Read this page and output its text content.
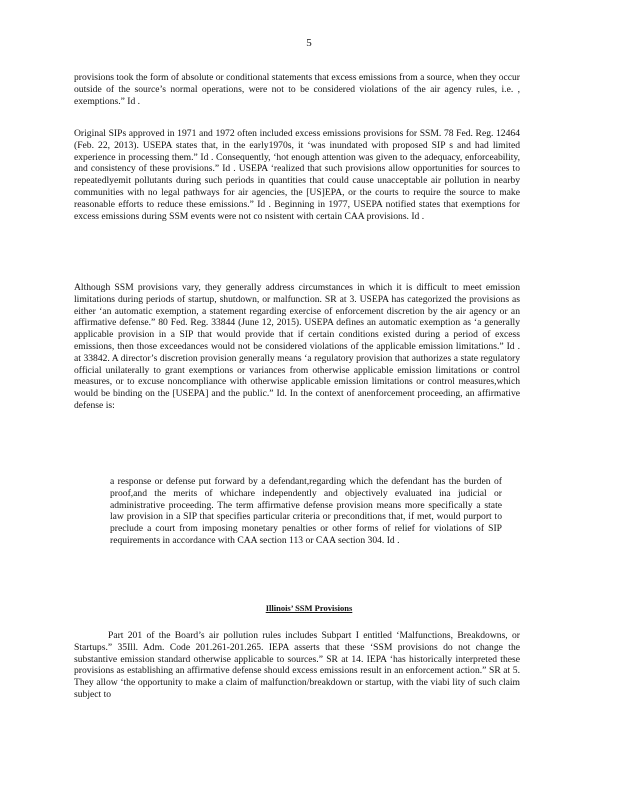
5

provisions took the form of absolute or conditional statements that excess emissions from a source, when they occur outside of the source’s normal operations, were not to be considered violations of the air agency rules, i.e. , exemptions.” Id .

Original SIPs approved in 1971 and 1972 often included excess emissions provisions for SSM. 78 Fed. Reg. 12464 (Feb. 22, 2013). USEPA states that, in the early1970s, it ‘was inundated with proposed SIP s and had limited experience in processing them.” Id . Consequently, ‘hot enough attention was given to the adequacy, enforceability, and consistency of these provisions.” Id . USEPA ‘realized that such provisions allow opportunities for sources to repeatedlyemit pollutants during such periods in quantities that could cause unacceptable air pollution in nearby communities with no legal pathways for air agencies, the [US]EPA, or the courts to require the source to make reasonable efforts to reduce these emissions.” Id . Beginning in 1977, USEPA notified states that exemptions for excess emissions during SSM events were not co nsistent with certain CAA provisions. Id .

Although SSM provisions vary, they generally address circumstances in which it is difficult to meet emission limitations during periods of startup, shutdown, or malfunction. SR at 3. USEPA has categorized the provisions as either ‘an automatic exemption, a statement regarding exercise of enforcement discretion by the air agency or an affirmative defense.” 80 Fed. Reg. 33844 (June 12, 2015). USEPA defines an automatic exemption as ‘a generally applicable provision in a SIP that would provide that if certain conditions existed during a period of excess emissions, then those exceedances would not be considered violations of the applicable emission limitations.” Id . at 33842. A director’s discretion provision generally means ‘a regulatory provision that authorizes a state regulatory official unilaterally to grant exemptions or variances from otherwise applicable emission limitations or control measures, or to excuse noncompliance with otherwise applicable emission limitations or control measures,which would be binding on the [USEPA] and the public.” Id. In the context of anenforcement proceeding, an affirmative defense is:

a response or defense put forward by a defendant,regarding which the defendant has the burden of proof,and the merits of whichare independently and objectively evaluated ina judicial or administrative proceeding. The term affirmative defense provision means more specifically a state law provision in a SIP that specifies particular criteria or preconditions that, if met, would purport to preclude a court from imposing monetary penalties or other forms of relief for violations of SIP requirements in accordance with CAA section 113 or CAA section 304. Id .

Illinois’ SSM Provisions

Part 201 of the Board’s air pollution rules includes Subpart I entitled ‘Malfunctions, Breakdowns, or Startups.” 35Ill. Adm. Code 201.261-201.265. IEPA asserts that these ‘SSM provisions do not change the substantive emission standard otherwise applicable to sources.” SR at 14. IEPA ‘has historically interpreted these provisions as establishing an affirmative defense should excess emissions result in an enforcement action.” SR at 5. They allow ‘the opportunity to make a claim of malfunction/breakdown or startup, with the viabi lity of such claim subject to
